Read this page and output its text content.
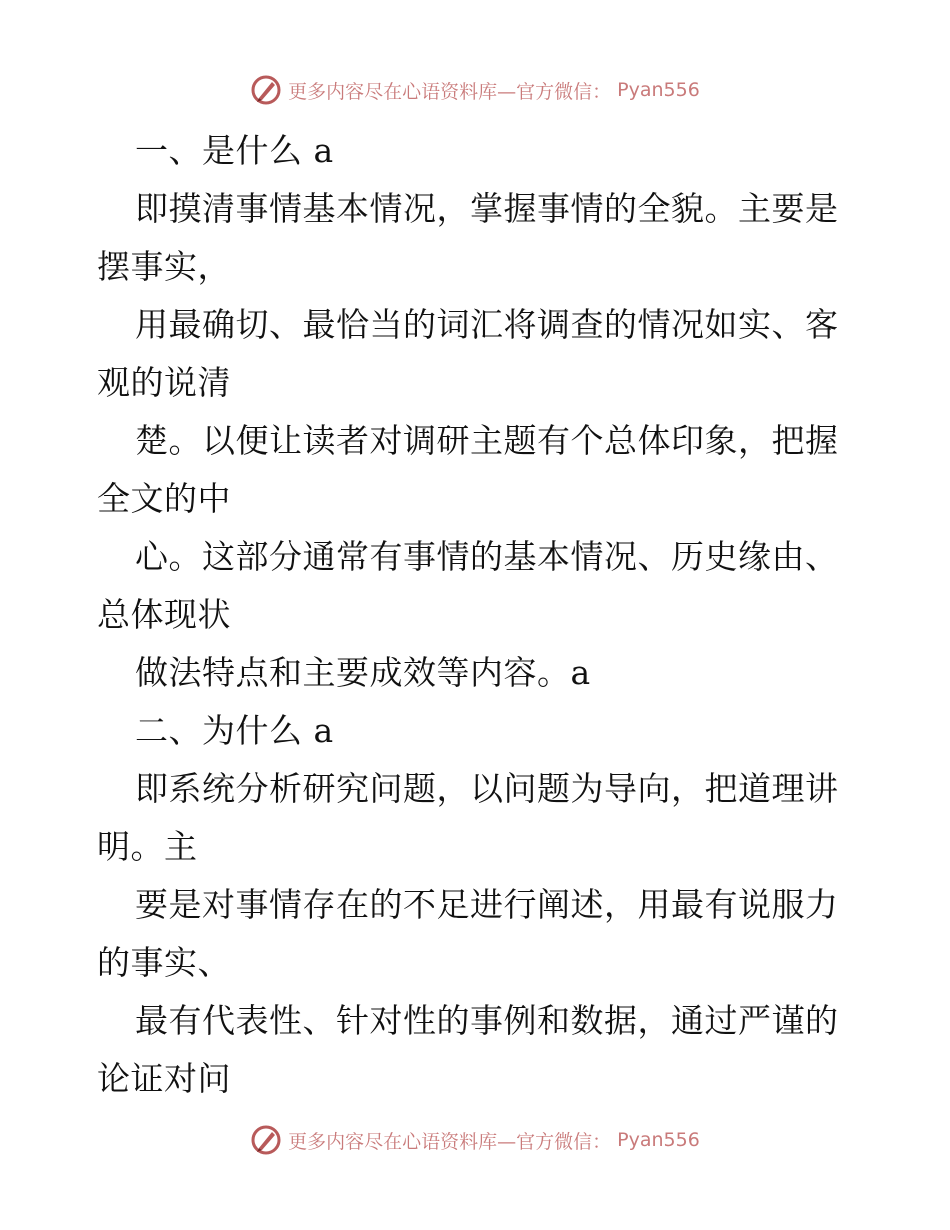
更多内容尽在心语资料库—官方微信： Pyan556

一、是什么 a

即摸清事情基本情况，掌握事情的全貌。主要是摆事实，

用最确切、最恰当的词汇将调查的情况如实、客观的说清

楚。以便让读者对调研主题有个总体印象，把握全文的中

心。这部分通常有事情的基本情况、历史缘由、总体现状

做法特点和主要成效等内容。a

二、为什么 a

即系统分析研究问题，以问题为导向，把道理讲明。主

要是对事情存在的不足进行阐述，用最有说服力的事实、

最有代表性、针对性的事例和数据，通过严谨的论证对问

更多内容尽在心语资料库—官方微信： Pyan556
